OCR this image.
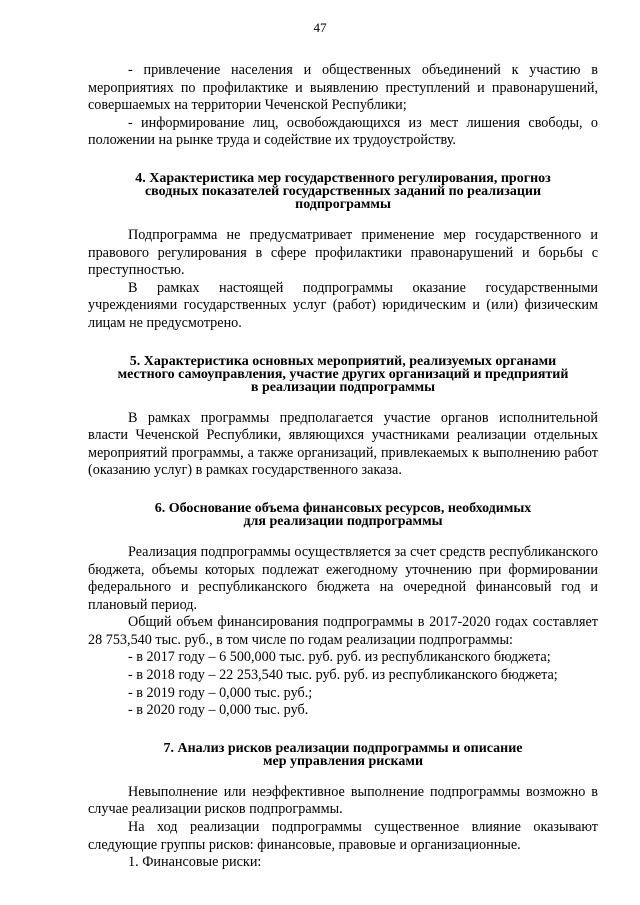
47
- привлечение населения и общественных объединений к участию в мероприятиях по профилактике и выявлению преступлений и правонарушений, совершаемых на территории Чеченской Республики;
- информирование лиц, освобождающихся из мест лишения свободы, о положении на рынке труда и содействие их трудоустройству.
4. Характеристика мер государственного регулирования, прогноз
сводных показателей государственных заданий по реализации
подпрограммы

Подпрограмма не предусматривает применение мер государственного и правового регулирования в сфере профилактики правонарушений и борьбы с преступностью.

В рамках настоящей подпрограммы оказание государственными учреждениями государственных услуг (работ) юридическим и (или) физическим лицам не предусмотрено.

5. Характеристика основных мероприятий, реализуемых органами
местного самоуправления, участие других организаций и предприятий
в реализации подпрограммы

В рамках программы предполагается участие органов исполнительной власти Чеченской Республики, являющихся участниками реализации отдельных мероприятий программы, а также организаций, привлекаемых к выполнению работ (оказанию услуг) в рамках государственного заказа.

6. Обоснование объема финансовых ресурсов, необходимых
для реализации подпрограммы

Реализация подпрограммы осуществляется за счет средств республиканского бюджета, объемы которых подлежат ежегодному уточнению при формировании федерального и республиканского бюджета на очередной финансовый год и плановый период.

Общий объем финансирования подпрограммы в 2017-2020 годах составляет 28 753,540 тыс. руб., в том числе по годам реализации подпрограммы:

- в 2017 году – 6 500,000 тыс. руб. руб. из республиканского бюджета;
- в 2018 году – 22 253,540 тыс. руб. руб. из республиканского бюджета;
- в 2019 году – 0,000 тыс. руб.;
- в 2020 году – 0,000 тыс. руб.
7. Анализ рисков реализации подпрограммы и описание
мер управления рисками

Невыполнение или неэффективное выполнение подпрограммы возможно в случае реализации рисков подпрограммы.

На ход реализации подпрограммы существенное влияние оказывают следующие группы рисков: финансовые, правовые и организационные.

1. Финансовые риски:
